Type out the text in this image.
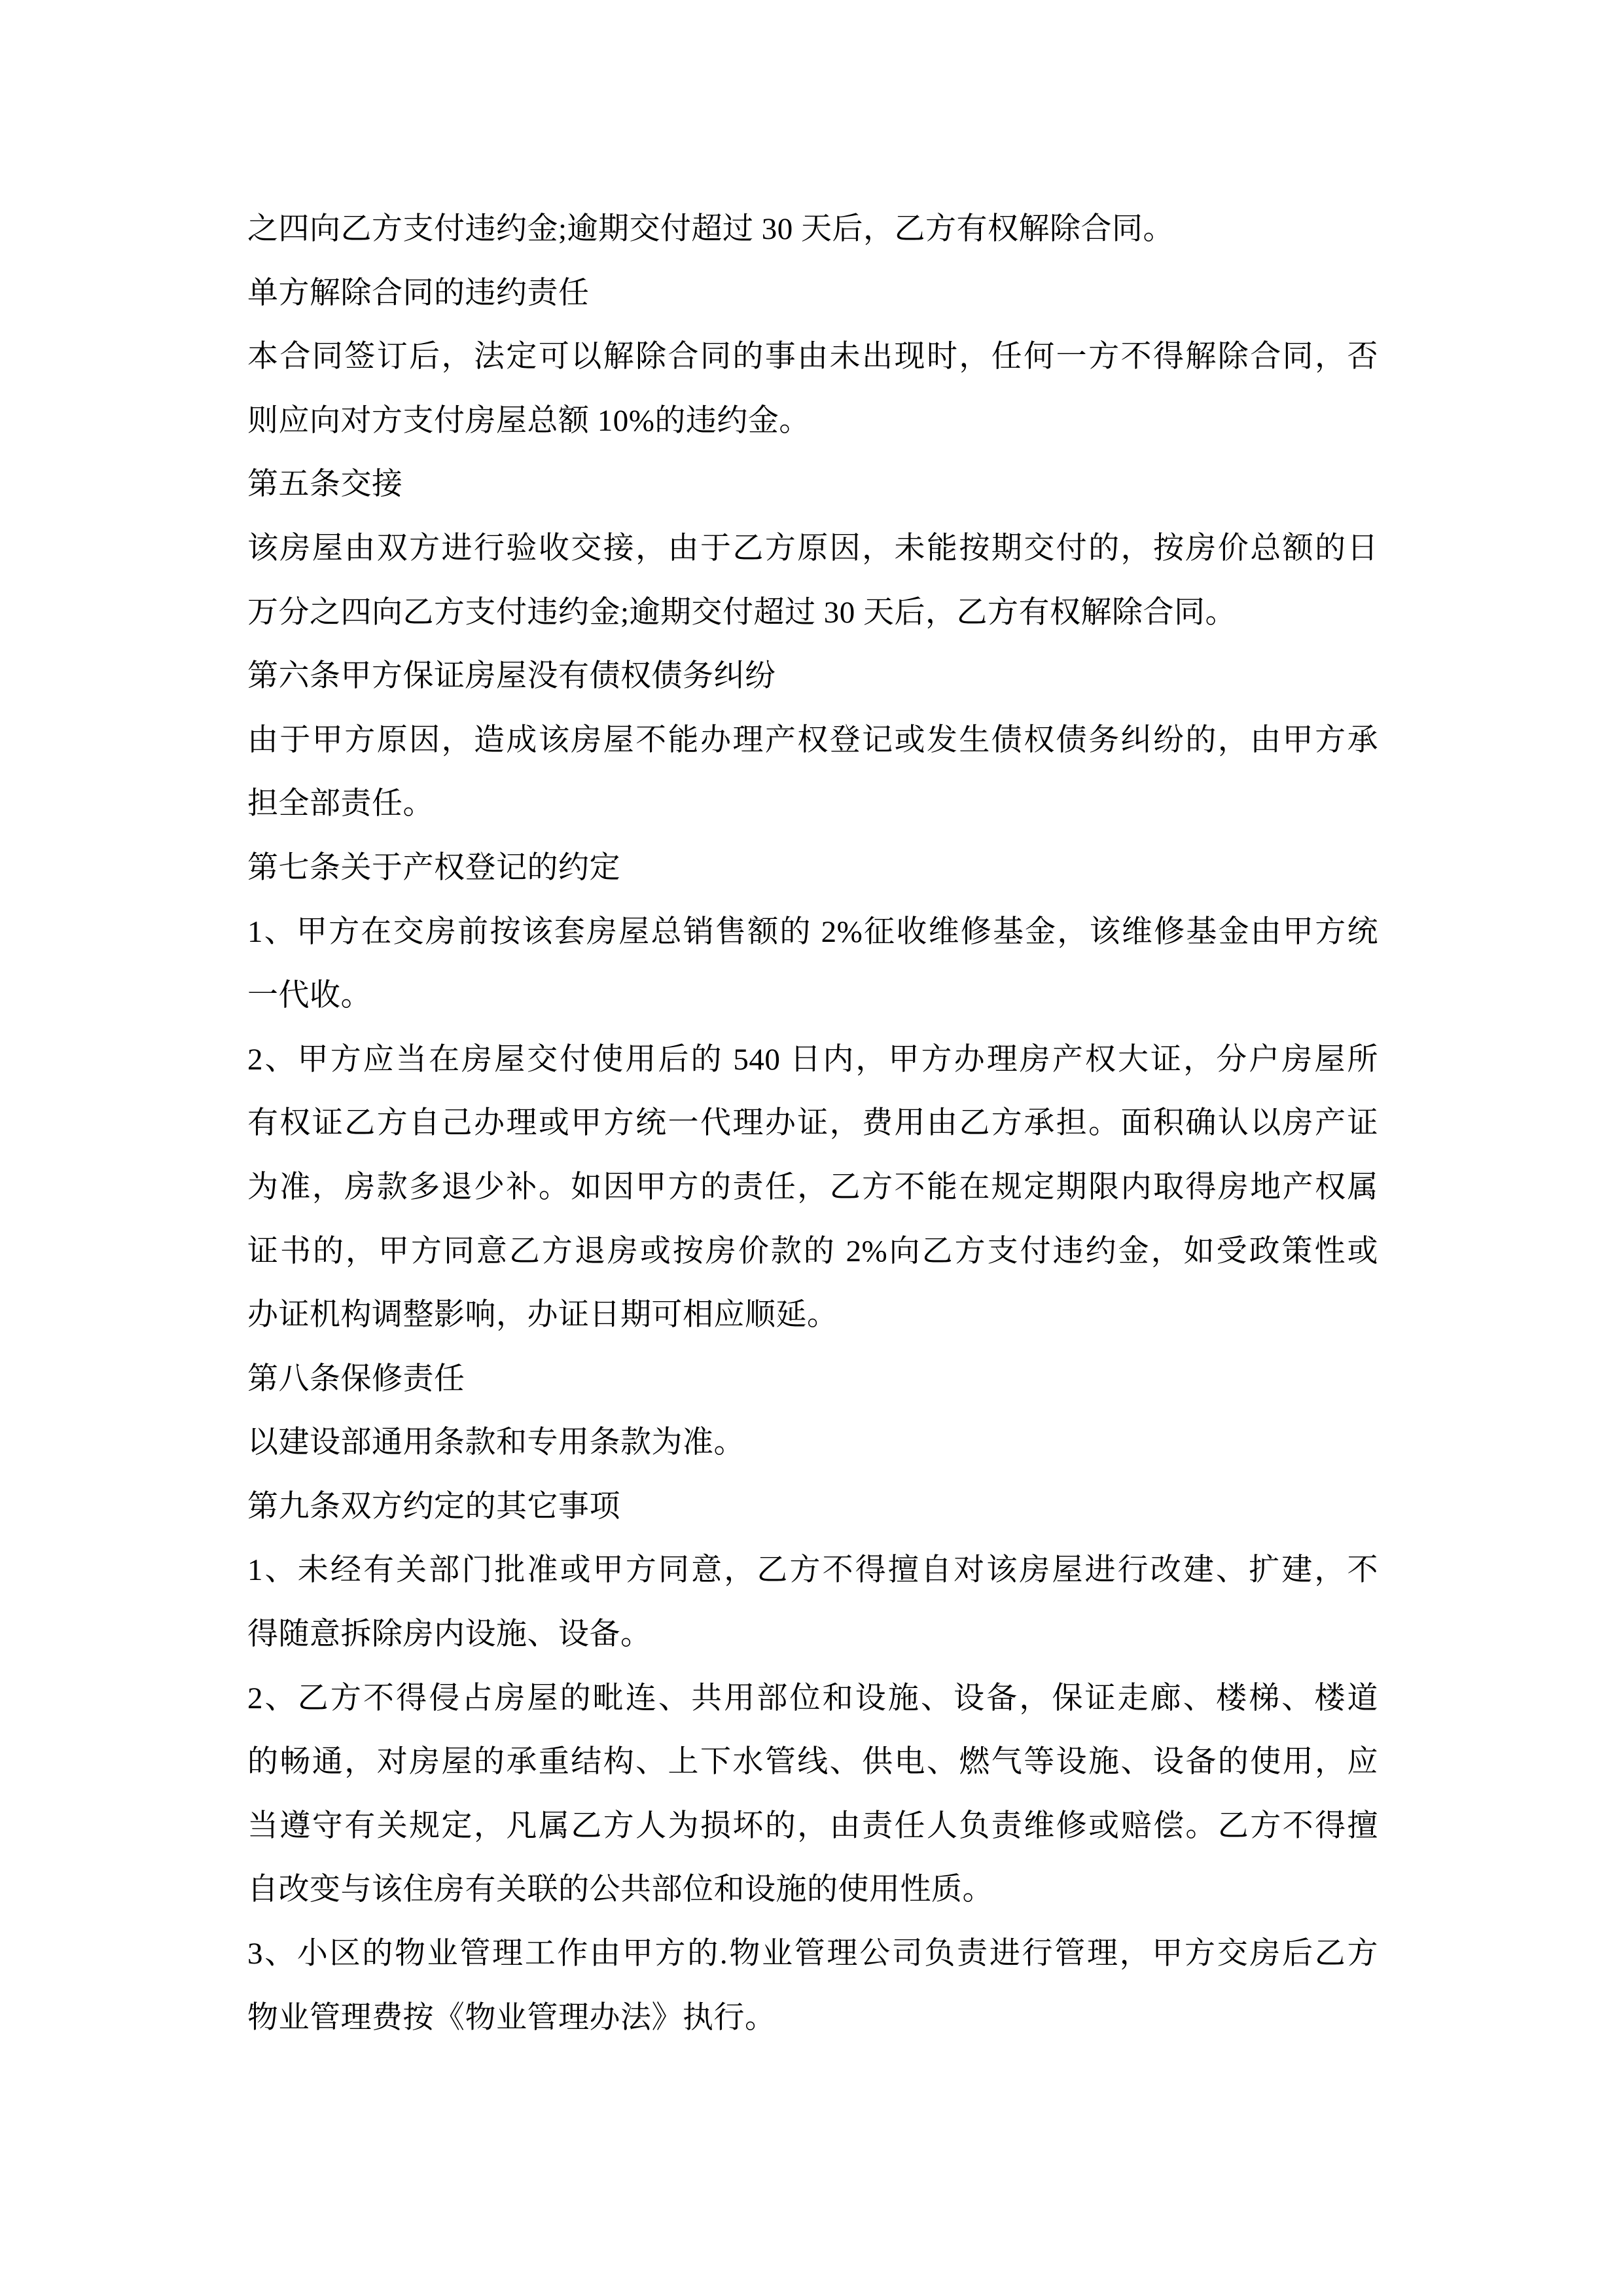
之四向乙方支付违约金;逾期交付超过 30 天后，乙方有权解除合同。
单方解除合同的违约责任
本合同签订后，法定可以解除合同的事由未出现时，任何一方不得解除合同，否
则应向对方支付房屋总额 10%的违约金。
第五条交接
该房屋由双方进行验收交接，由于乙方原因，未能按期交付的，按房价总额的日
万分之四向乙方支付违约金;逾期交付超过 30 天后，乙方有权解除合同。
第六条甲方保证房屋没有债权债务纠纷
由于甲方原因，造成该房屋不能办理产权登记或发生债权债务纠纷的，由甲方承
担全部责任。
第七条关于产权登记的约定
1、甲方在交房前按该套房屋总销售额的 2%征收维修基金，该维修基金由甲方统
一代收。
2、甲方应当在房屋交付使用后的 540 日内，甲方办理房产权大证，分户房屋所
有权证乙方自己办理或甲方统一代理办证，费用由乙方承担。面积确认以房产证
为准，房款多退少补。如因甲方的责任，乙方不能在规定期限内取得房地产权属
证书的，甲方同意乙方退房或按房价款的 2%向乙方支付违约金，如受政策性或
办证机构调整影响，办证日期可相应顺延。
第八条保修责任
以建设部通用条款和专用条款为准。
第九条双方约定的其它事项
1、未经有关部门批准或甲方同意，乙方不得擅自对该房屋进行改建、扩建，不
得随意拆除房内设施、设备。
2、乙方不得侵占房屋的毗连、共用部位和设施、设备，保证走廊、楼梯、楼道
的畅通，对房屋的承重结构、上下水管线、供电、燃气等设施、设备的使用，应
当遵守有关规定，凡属乙方人为损坏的，由责任人负责维修或赔偿。乙方不得擅
自改变与该住房有关联的公共部位和设施的使用性质。
3、小区的物业管理工作由甲方的.物业管理公司负责进行管理，甲方交房后乙方
物业管理费按《物业管理办法》执行。
